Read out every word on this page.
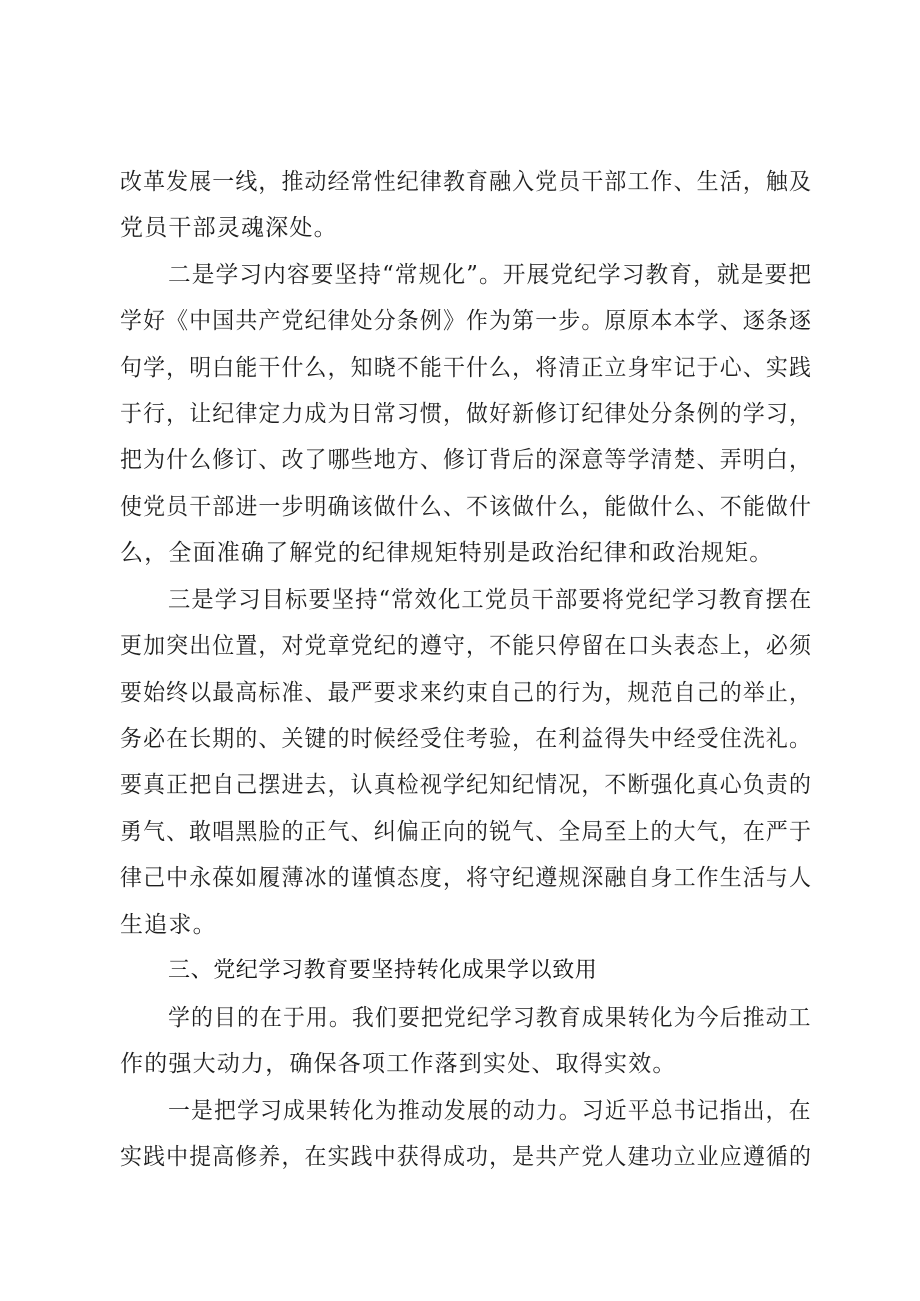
改革发展一线，推动经常性纪律教育融入党员干部工作、生活，触及
党员干部灵魂深处。
二是学习内容要坚持“常规化”。开展党纪学习教育，就是要把
学好《中国共产党纪律处分条例》作为第一步。原原本本学、逐条逐
句学，明白能干什么，知晓不能干什么，将清正立身牢记于心、实践
于行，让纪律定力成为日常习惯，做好新修订纪律处分条例的学习，
把为什么修订、改了哪些地方、修订背后的深意等学清楚、弄明白，
使党员干部进一步明确该做什么、不该做什么，能做什么、不能做什
么，全面准确了解党的纪律规矩特别是政治纪律和政治规矩。
三是学习目标要坚持“常效化工党员干部要将党纪学习教育摆在
更加突出位置，对党章党纪的遵守，不能只停留在口头表态上，必须
要始终以最高标准、最严要求来约束自己的行为，规范自己的举止，
务必在长期的、关键的时候经受住考验，在利益得失中经受住洗礼。
要真正把自己摆进去，认真检视学纪知纪情况，不断强化真心负责的
勇气、敢唱黑脸的正气、纠偏正向的锐气、全局至上的大气，在严于
律己中永葆如履薄冰的谨慎态度，将守纪遵规深融自身工作生活与人
生追求。
三、党纪学习教育要坚持转化成果学以致用
学的目的在于用。我们要把党纪学习教育成果转化为今后推动工
作的强大动力，确保各项工作落到实处、取得实效。
一是把学习成果转化为推动发展的动力。习近平总书记指出，在
实践中提高修养，在实践中获得成功，是共产党人建功立业应遵循的
